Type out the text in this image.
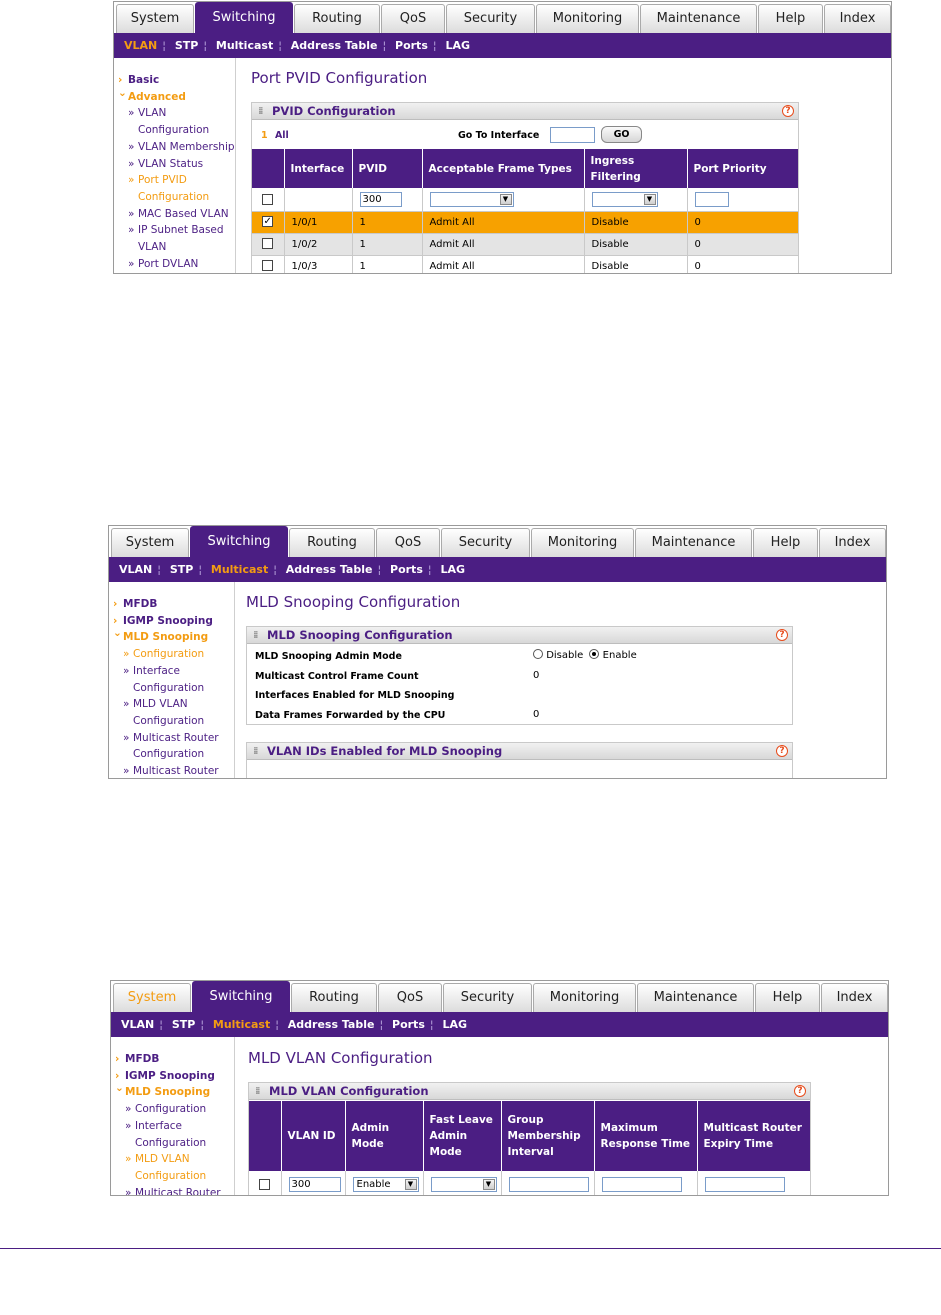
System	Switching	Routing	QoS	Security	Monitoring	Maintenance	Help	Index
VLAN ¦ STP ¦ Multicast ¦ Address Table ¦ Ports ¦ LAG
› Basic
⌄ Advanced
» VLAN
Configuration
» VLAN Membership
» VLAN Status
» Port PVID
Configuration
» MAC Based VLAN
» IP Subnet Based
VLAN
» Port DVLAN
Port PVID Configuration
⁞⁞ PVID Configuration	?
1 All	Go To Interface	GO
	Interface	PVID	Acceptable Frame Types	Ingress Filtering	Port Priority
		300	▼	▼	

✓	1/0/1	1	Admit All	Disable	0
	1/0/2	1	Admit All	Disable	0
	1/0/3	1	Admit All	Disable	0
System	Switching	Routing	QoS	Security	Monitoring	Maintenance	Help	Index
VLAN ¦ STP ¦ Multicast ¦ Address Table ¦ Ports ¦ LAG
› MFDB
› IGMP Snooping
⌄ MLD Snooping
» Configuration
» Interface
Configuration
» MLD VLAN
Configuration
» Multicast Router
Configuration
» Multicast Router
MLD Snooping Configuration
⁞⁞ MLD Snooping Configuration	?
MLD Snooping Admin Mode	Disable Enable
Multicast Control Frame Count	0
Interfaces Enabled for MLD Snooping
Data Frames Forwarded by the CPU	0
⁞⁞ VLAN IDs Enabled for MLD Snooping	?
System	Switching	Routing	QoS	Security	Monitoring	Maintenance	Help	Index
VLAN ¦ STP ¦ Multicast ¦ Address Table ¦ Ports ¦ LAG
› MFDB
› IGMP Snooping
⌄ MLD Snooping
» Configuration
» Interface
Configuration
» MLD VLAN
Configuration
» Multicast Router
MLD VLAN Configuration
⁞⁞ MLD VLAN Configuration	?
	VLAN ID	Admin Mode	Fast Leave Admin Mode	Group Membership Interval	Maximum Response Time	Multicast Router Expiry Time
	300	Enable ▼	▼			
